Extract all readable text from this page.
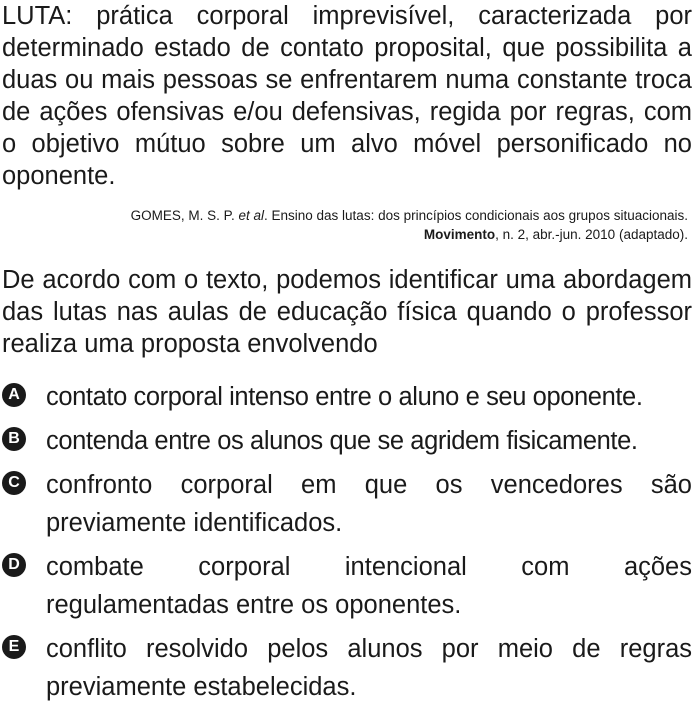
LUTA: prática corporal imprevisível, caracterizada por determinado estado de contato proposital, que possibilita a duas ou mais pessoas se enfrentarem numa constante troca de ações ofensivas e/ou defensivas, regida por regras, com o objetivo mútuo sobre um alvo móvel personificado no oponente.

GOMES, M. S. P. et al. Ensino das lutas: dos princípios condicionais aos grupos situacionais.
Movimento, n. 2, abr.-jun. 2010 (adaptado).

De acordo com o texto, podemos identificar uma abordagem das lutas nas aulas de educação física quando o professor realiza uma proposta envolvendo

A contato corporal intenso entre o aluno e seu oponente.
B contenda entre os alunos que se agridem fisicamente.
C confronto corporal em que os vencedores são previamente identificados.
D combate corporal intencional com ações regulamentadas entre os oponentes.
E conflito resolvido pelos alunos por meio de regras previamente estabelecidas.
